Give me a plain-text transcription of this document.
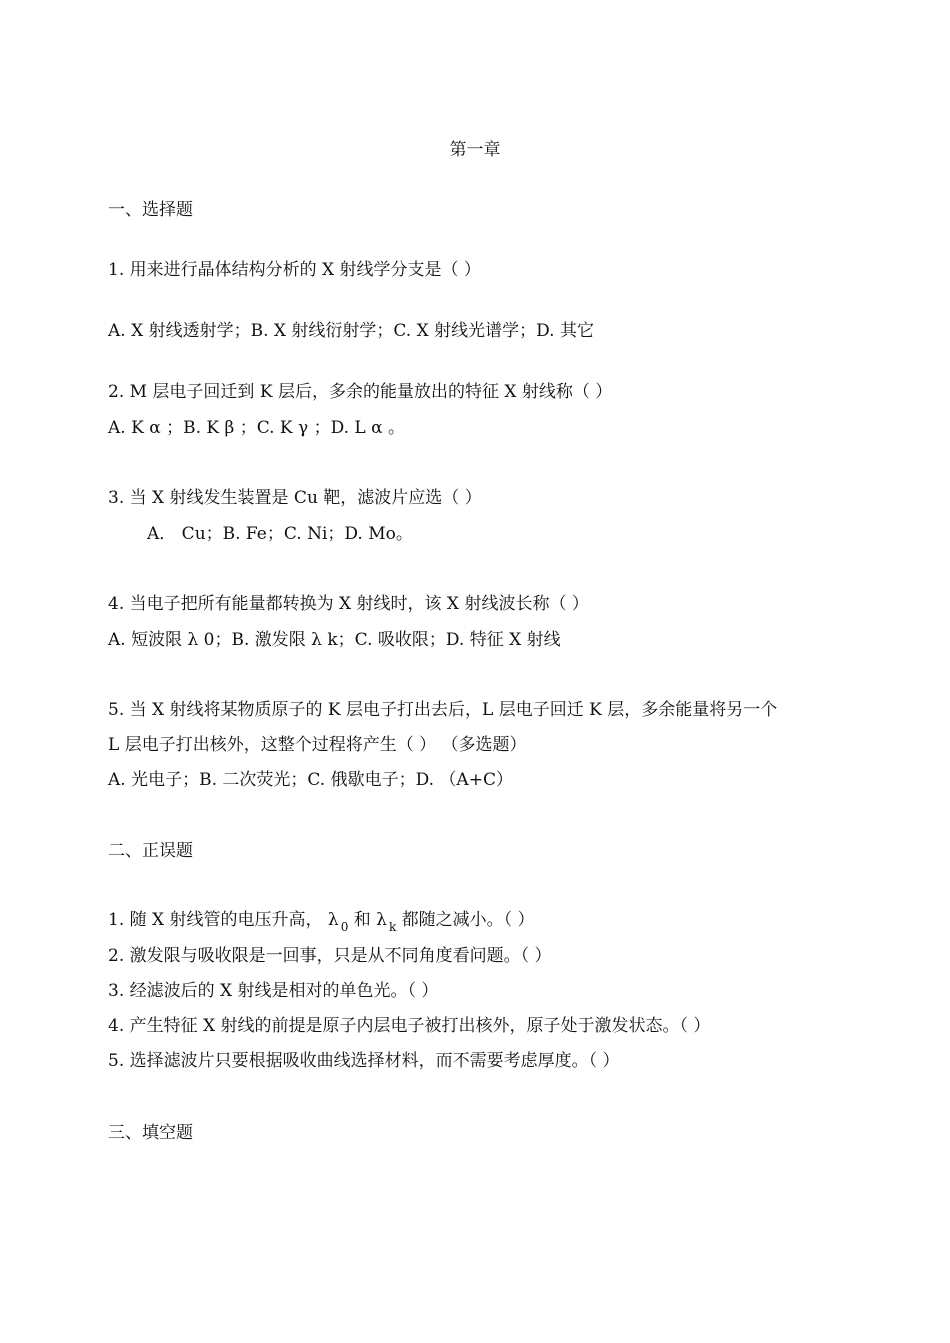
第一章
一、选择题
1. 用来进行晶体结构分析的 X 射线学分支是（ ）
A. X 射线透射学；B. X 射线衍射学；C. X 射线光谱学；D. 其它
2. M 层电子回迁到 K 层后，多余的能量放出的特征 X 射线称（ ）
A. K α ；B. K β ；C. K γ ；D. L α 。
3. 当 X 射线发生装置是 Cu 靶，滤波片应选（ ）
A． Cu；B. Fe；C. Ni；D. Mo。
4. 当电子把所有能量都转换为 X 射线时，该 X 射线波长称（ ）
A. 短波限 λ 0；B. 激发限 λ k；C. 吸收限；D. 特征 X 射线
5. 当 X 射线将某物质原子的 K 层电子打出去后，L 层电子回迁 K 层，多余能量将另一个
L 层电子打出核外，这整个过程将产生（ ） （多选题）
A. 光电子；B. 二次荧光；C. 俄歇电子；D. （A+C）
二、正误题
1. 随 X 射线管的电压升高， λ $_0$ 和 λ $_k$ 都随之减小。（ ）
2. 激发限与吸收限是一回事，只是从不同角度看问题。（ ）
3. 经滤波后的 X 射线是相对的单色光。（ ）
4. 产生特征 X 射线的前提是原子内层电子被打出核外，原子处于激发状态。（ ）
5. 选择滤波片只要根据吸收曲线选择材料，而不需要考虑厚度。（ ）
三、填空题
